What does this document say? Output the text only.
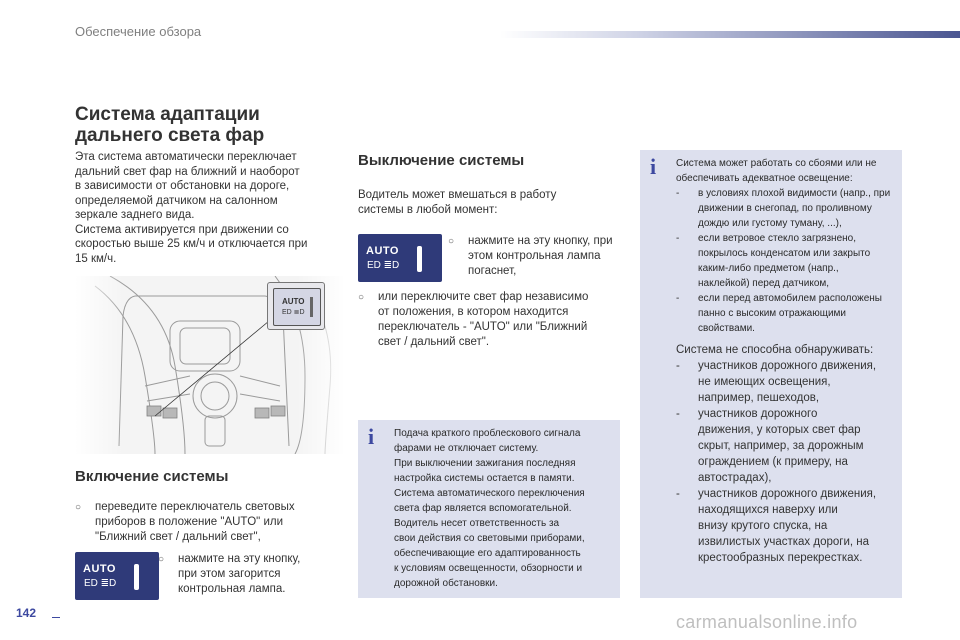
Обеспечение обзора
Система адаптации
дальнего света фар
Эта система автоматически переключает
дальний свет фар на ближний и наоборот
в зависимости от обстановки на дороге,
определяемой датчиком на салонном
зеркале заднего вида.
Система активируется при движении со
скоростью выше 25 км/ч и отключается при
15 км/ч.
AUTO
ЕD ≣D
Включение системы
○	переведите переключатель световых
приборов в положение "AUTO" или
"Ближний свет / дальний свет",
AUTO
ЕD ≣D
○	нажмите на эту кнопку,
при этом загорится
контрольная лампа.
Выключение системы
Водитель может вмешаться в работу
системы в любой момент:
AUTO
ЕD ≣D
○	нажмите на эту кнопку, при
этом контрольная лампа
погаснет,
○	или переключите свет фар независимо
от положения, в котором находится
переключатель - "AUTO" или "Ближний
свет / дальний свет".
i Подача краткого проблескового сигнала
фарами не отключает систему.
При выключении зажигания последняя
настройка системы остается в памяти.
Система автоматического переключения
света фар является вспомогательной.
Водитель несет ответственность за
свои действия со световыми приборами,
обеспечивающие его адаптированность
к условиям освещенности, обзорности и
дорожной обстановки.
i Система может работать со сбоями или не
обеспечивать адекватное освещение:
-	в условиях плохой видимости (напр., при
движении в снегопад, по проливному
дождю или густому туману, ...),
-	если ветровое стекло загрязнено,
покрылось конденсатом или закрыто
каким-либо предметом (напр.,
наклейкой) перед датчиком,
-	если перед автомобилем расположены
панно с высоким отражающими
свойствами.
Система не способна обнаруживать:
-	участников дорожного движения,
не имеющих освещения,
например, пешеходов,
-	участников дорожного
движения, у которых свет фар
скрыт, например, за дорожным
ограждением (к примеру, на
автострадах),
-	участников дорожного движения,
находящихся наверху или
внизу крутого спуска, на
извилистых участках дороги, на
крестообразных перекрестках.
142	carmanualsonline.info
